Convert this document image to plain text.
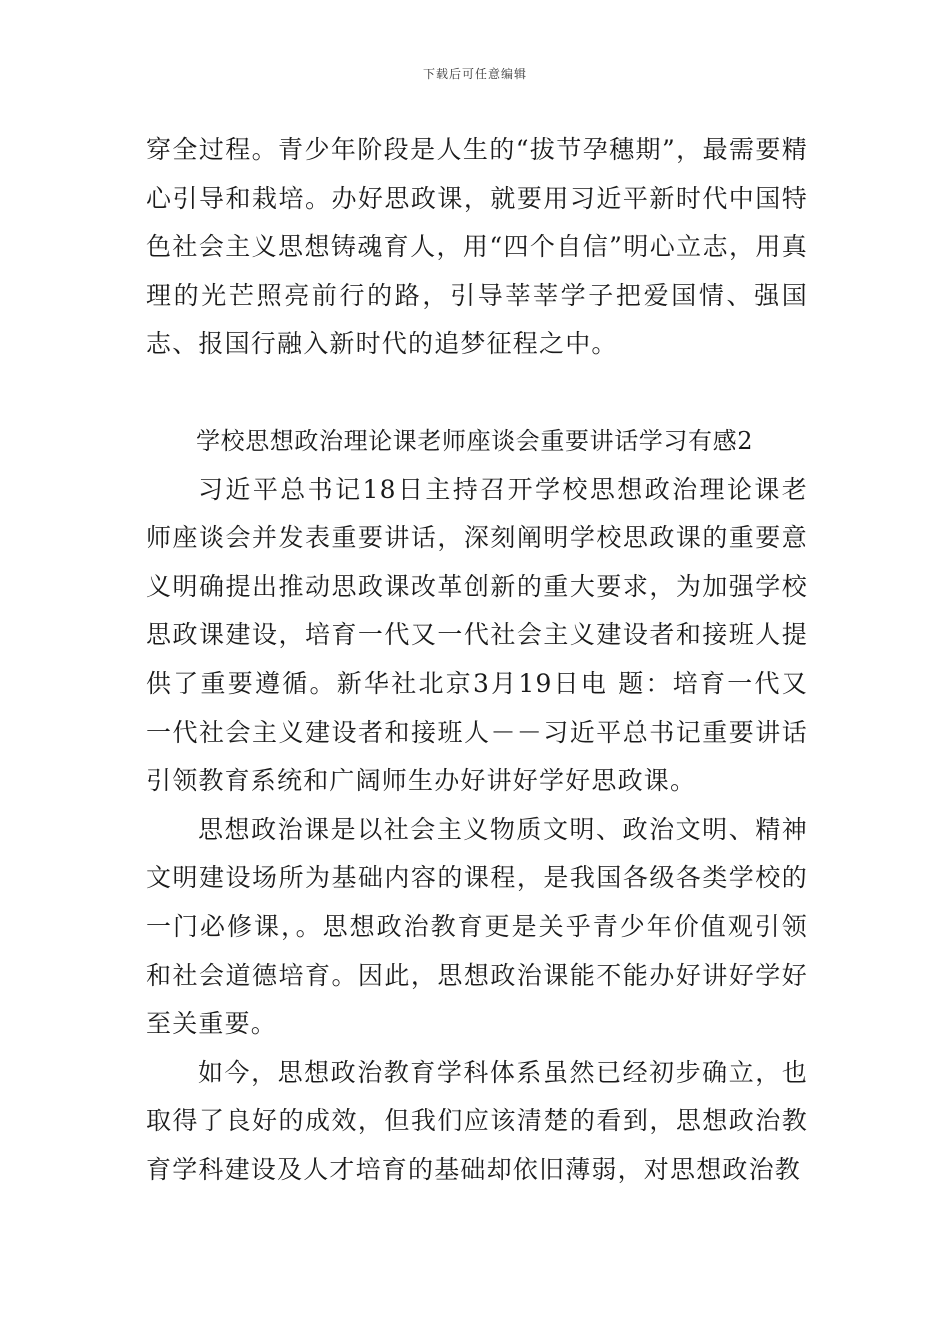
下载后可任意编辑

穿全过程。青少年阶段是人生的“拔节孕穗期”，最需要精心引导和栽培。办好思政课，就要用习近平新时代中国特色社会主义思想铸魂育人，用“四个自信”明心立志，用真理的光芒照亮前行的路，引导莘莘学子把爱国情、强国志、报国行融入新时代的追梦征程之中。

学校思想政治理论课老师座谈会重要讲话学习有感2

习近平总书记18日主持召开学校思想政治理论课老师座谈会并发表重要讲话，深刻阐明学校思政课的重要意义明确提出推动思政课改革创新的重大要求，为加强学校思政课建设，培育一代又一代社会主义建设者和接班人提供了重要遵循。新华社北京3月19日电 题：培育一代又一代社会主义建设者和接班人－－习近平总书记重要讲话引领教育系统和广阔师生办好讲好学好思政课。

思想政治课是以社会主义物质文明、政治文明、精神文明建设场所为基础内容的课程，是我国各级各类学校的一门必修课，。思想政治教育更是关乎青少年价值观引领和社会道德培育。因此，思想政治课能不能办好讲好学好至关重要。

如今，思想政治教育学科体系虽然已经初步确立，也取得了良好的成效，但我们应该清楚的看到，思想政治教育学科建设及人才培育的基础却依旧薄弱，对思想政治教
